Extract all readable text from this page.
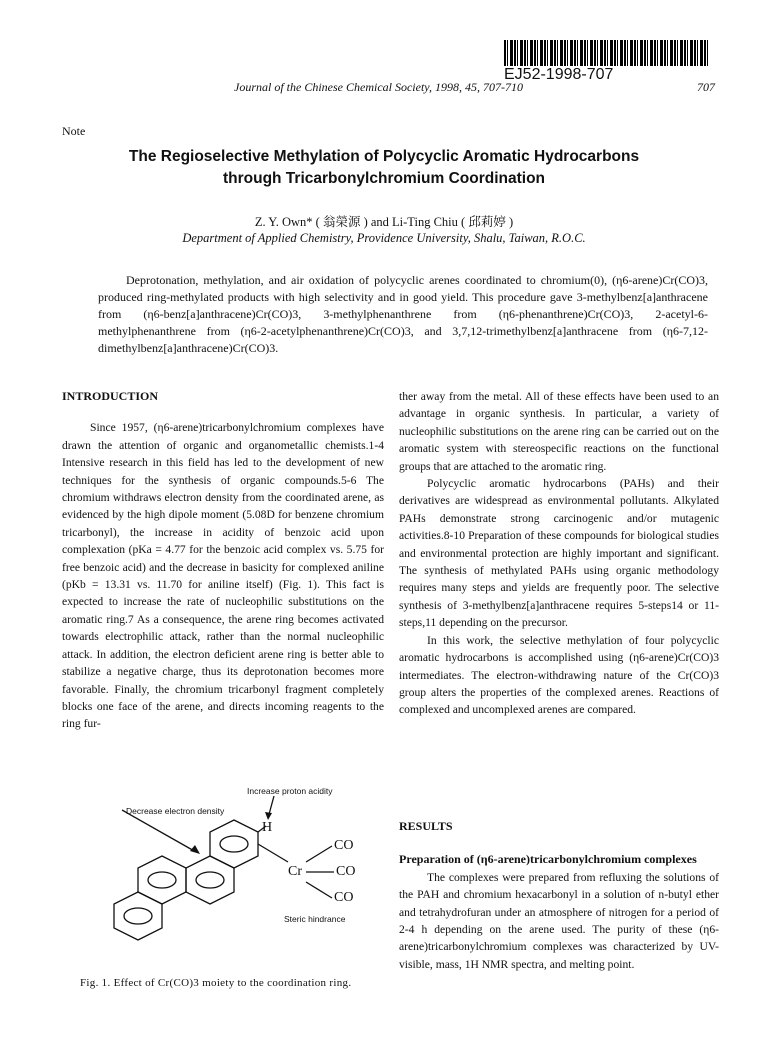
EJ52-1998-707
Journal of the Chinese Chemical Society, 1998, 45, 707-710	707
Note
The Regioselective Methylation of Polycyclic Aromatic Hydrocarbons through Tricarbonylchromium Coordination
Z. Y. Own* ( 翁榮源 ) and Li-Ting Chiu ( 邱莉婷 )
Department of Applied Chemistry, Providence University, Shalu, Taiwan, R.O.C.
Deprotonation, methylation, and air oxidation of polycyclic arenes coordinated to chromium(0), (η6-arene)Cr(CO)3, produced ring-methylated products with high selectivity and in good yield. This procedure gave 3-methylbenz[a]anthracene from (η6-benz[a]anthracene)Cr(CO)3, 3-methylphenanthrene from (η6-phenanthrene)Cr(CO)3, 2-acetyl-6-methylphenanthrene from (η6-2-acetylphenanthrene)Cr(CO)3, and 3,7,12-trimethylbenz[a]anthracene from (η6-7,12-dimethylbenz[a]anthracene)Cr(CO)3.

INTRODUCTION

Since 1957, (η6-arene)tricarbonylchromium complexes have drawn the attention of organic and organometallic chemists.1-4 Intensive research in this field has led to the development of new techniques for the synthesis of organic compounds.5-6 The chromium withdraws electron density from the coordinated arene, as evidenced by the high dipole moment (5.08D for benzene chromium tricarbonyl), the increase in acidity of benzoic acid upon complexation (pKa = 4.77 for the benzoic acid complex vs. 5.75 for free benzoic acid) and the decrease in basicity for complexed aniline (pKb = 13.31 vs. 11.70 for aniline itself) (Fig. 1). This fact is expected to increase the rate of nucleophilic substitutions on the aromatic ring.7 As a consequence, the arene ring becomes activated towards electrophilic attack, rather than the normal nucleophilic attack. In addition, the electron deficient arene ring is better able to stabilize a negative charge, thus its deprotonation becomes more favorable. Finally, the chromium tricarbonyl fragment completely blocks one face of the arene, and directs incoming reagents to the ring fur-

ther away from the metal. All of these effects have been used to an advantage in organic synthesis. In particular, a variety of nucleophilic substitutions on the arene ring can be carried out on the aromatic system with stereospecific reactions on the functional groups that are attached to the aromatic ring.

Polycyclic aromatic hydrocarbons (PAHs) and their derivatives are widespread as environmental pollutants. Alkylated PAHs demonstrate strong carcinogenic and/or mutagenic activities.8-10 Preparation of these compounds for biological studies and environmental protection are highly important and significant. The synthesis of methylated PAHs using organic methodology requires many steps and yields are frequently poor. The selective synthesis of 3-methylbenz[a]anthracene requires 5-steps14 or 11-steps,11 depending on the precursor.

In this work, the selective methylation of four polycyclic aromatic hydrocarbons is accomplished using (η6-arene)Cr(CO)3 intermediates. The electron-withdrawing nature of the Cr(CO)3 group alters the properties of the complexed arenes. Reactions of complexed and uncomplexed arenes are compared.

Increase proton acidity
Decrease electron density
H
Cr
CO
CO
CO
Steric hindrance
Fig. 1. Effect of Cr(CO)3 moiety to the coordination ring.

RESULTS

Preparation of (η6-arene)tricarbonylchromium complexes

The complexes were prepared from refluxing the solutions of the PAH and chromium hexacarbonyl in a solution of n-butyl ether and tetrahydrofuran under an atmosphere of nitrogen for a period of 2-4 h depending on the arene used. The purity of these (η6-arene)tricarbonylchromium complexes was characterized by UV-visible, mass, 1H NMR spectra, and melting point.
